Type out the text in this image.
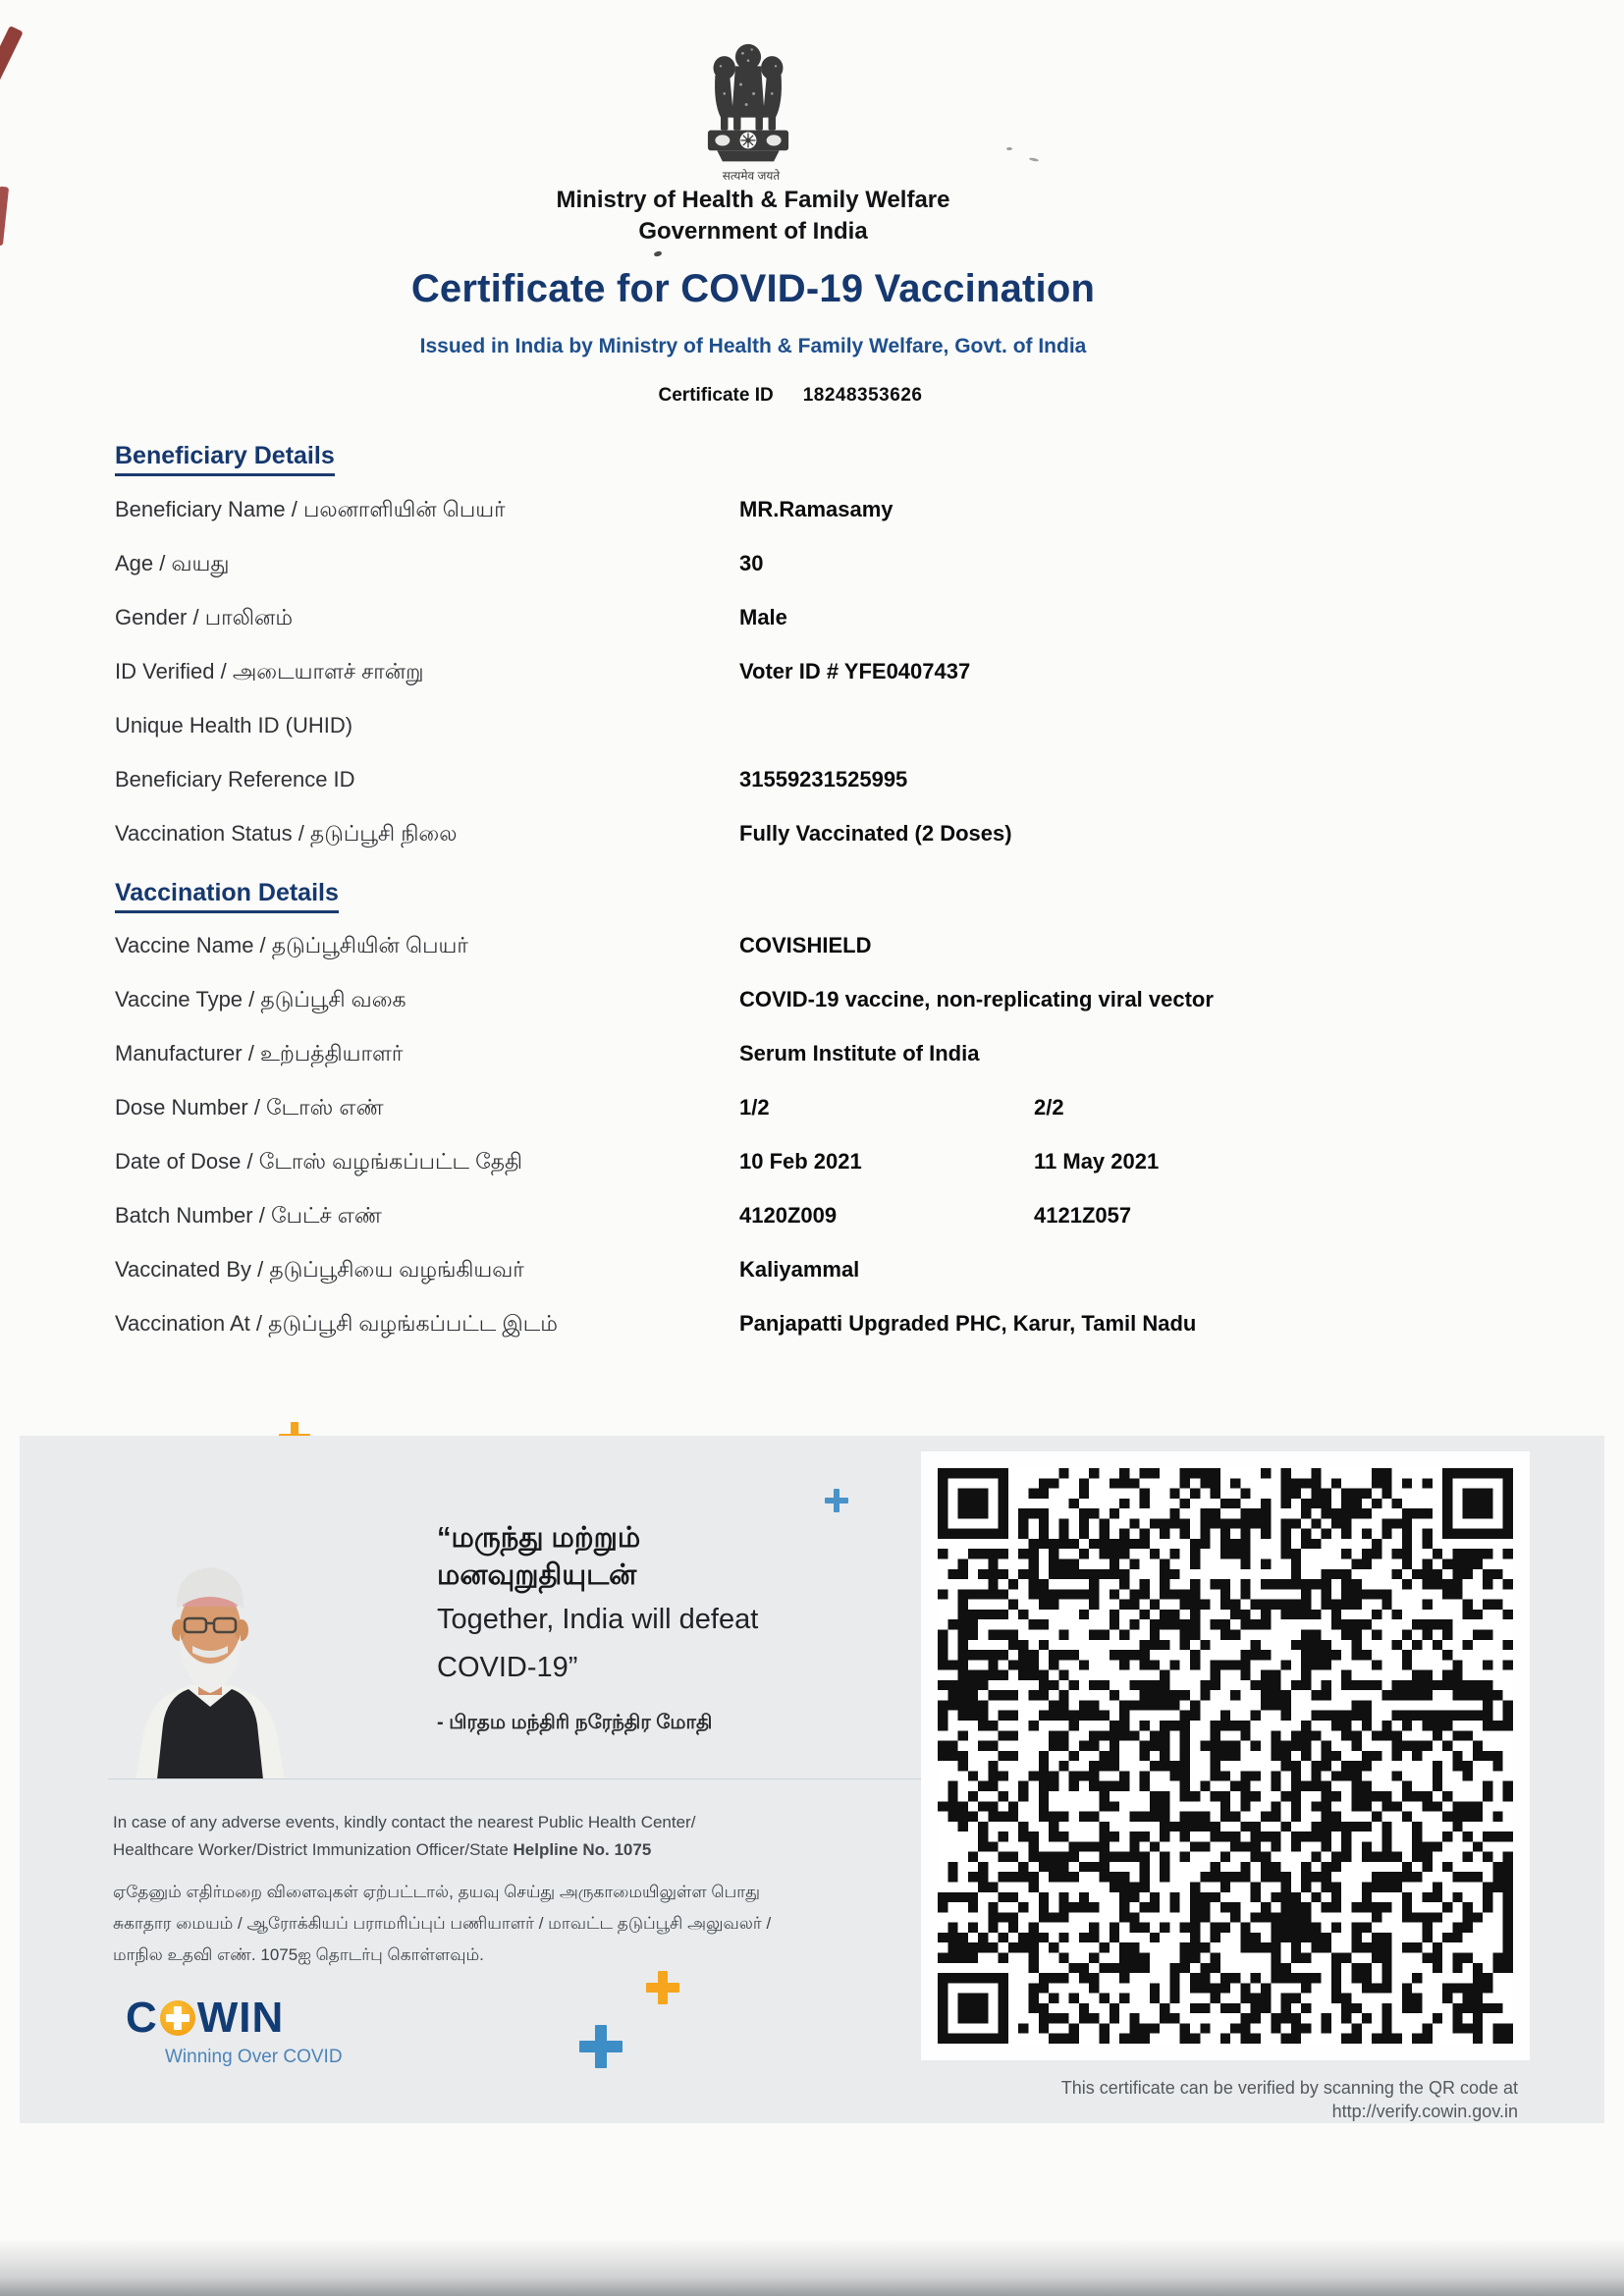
सत्यमेव जयते
Ministry of Health & Family Welfare
Government of India
Certificate for COVID-19 Vaccination
Issued in India by Ministry of Health & Family Welfare, Govt. of India
Certificate ID 18248353626
Beneficiary Details
Beneficiary Name / பலனாளியின் பெயர்	MR.Ramasamy
Age / வயது	30
Gender / பாலினம்	Male
ID Verified / அடையாளச் சான்று	Voter ID # YFE0407437
Unique Health ID (UHID)
Beneficiary Reference ID	31559231525995
Vaccination Status / தடுப்பூசி நிலை	Fully Vaccinated (2 Doses)
Vaccination Details
Vaccine Name / தடுப்பூசியின் பெயர்	COVISHIELD
Vaccine Type / தடுப்பூசி வகை	COVID-19 vaccine, non-replicating viral vector
Manufacturer / உற்பத்தியாளர்	Serum Institute of India
Dose Number / டோஸ் எண்	1/2	2/2
Date of Dose / டோஸ் வழங்கப்பட்ட தேதி	10 Feb 2021	11 May 2021
Batch Number / பேட்ச் எண்	4120Z009	4121Z057
Vaccinated By / தடுப்பூசியை வழங்கியவர்	Kaliyammal
Vaccination At / தடுப்பூசி வழங்கப்பட்ட இடம்	Panjapatti Upgraded PHC, Karur, Tamil Nadu
“மருந்து மற்றும்
மனவுறுதியுடன்
Together, India will defeat
COVID-19”
- பிரதம மந்திரி நரேந்திர மோதி
In case of any adverse events, kindly contact the nearest Public Health Center/
Healthcare Worker/District Immunization Officer/State Helpline No. 1075
ஏதேனும் எதிர்மறை விளைவுகள் ஏற்பட்டால், தயவு செய்து அருகாமையிலுள்ள பொது
சுகாதார மையம் / ஆரோக்கியப் பராமரிப்புப் பணியாளர் / மாவட்ட தடுப்பூசி அலுவலர் /
மாநில உதவி எண். 1075ஐ தொடர்பு கொள்ளவும்.
C WIN
Winning Over COVID
This certificate can be verified by scanning the QR code at
http://verify.cowin.gov.in
